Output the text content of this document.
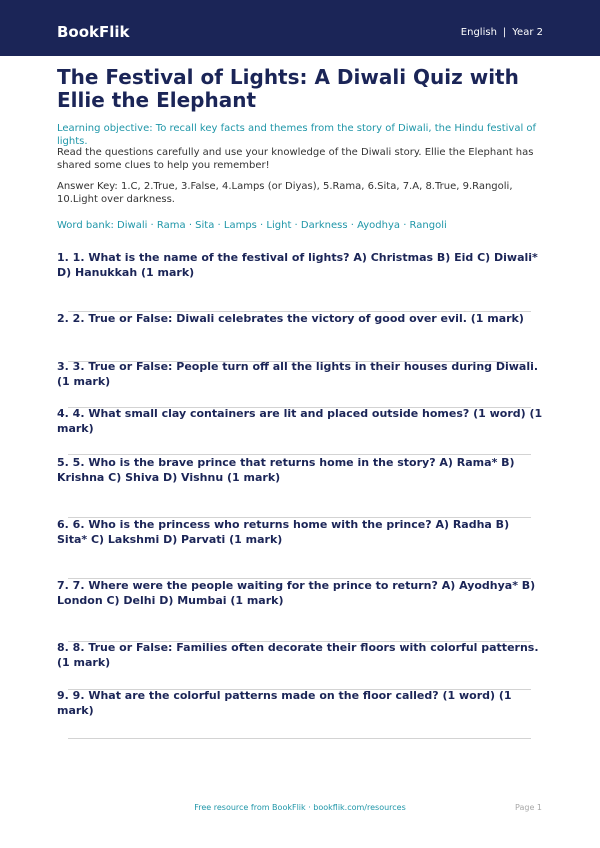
BookFlik	English | Year 2
The Festival of Lights: A Diwali Quiz with Ellie the Elephant
Learning objective: To recall key facts and themes from the story of Diwali, the Hindu festival of lights.
Read the questions carefully and use your knowledge of the Diwali story. Ellie the Elephant has shared some clues to help you remember!
Answer Key: 1.C, 2.True, 3.False, 4.Lamps (or Diyas), 5.Rama, 6.Sita, 7.A, 8.True, 9.Rangoli, 10.Light over darkness.
Word bank: Diwali · Rama · Sita · Lamps · Light · Darkness · Ayodhya · Rangoli
1. 1. What is the name of the festival of lights? A) Christmas B) Eid C) Diwali* D) Hanukkah (1 mark)
2. 2. True or False: Diwali celebrates the victory of good over evil. (1 mark)
3. 3. True or False: People turn off all the lights in their houses during Diwali. (1 mark)
4. 4. What small clay containers are lit and placed outside homes? (1 word) (1 mark)
5. 5. Who is the brave prince that returns home in the story? A) Rama* B) Krishna C) Shiva D) Vishnu (1 mark)
6. 6. Who is the princess who returns home with the prince? A) Radha B) Sita* C) Lakshmi D) Parvati (1 mark)
7. 7. Where were the people waiting for the prince to return? A) Ayodhya* B) London C) Delhi D) Mumbai (1 mark)
8. 8. True or False: Families often decorate their floors with colorful patterns. (1 mark)
9. 9. What are the colorful patterns made on the floor called? (1 word) (1 mark)
Free resource from BookFlik · bookflik.com/resources	Page 1
